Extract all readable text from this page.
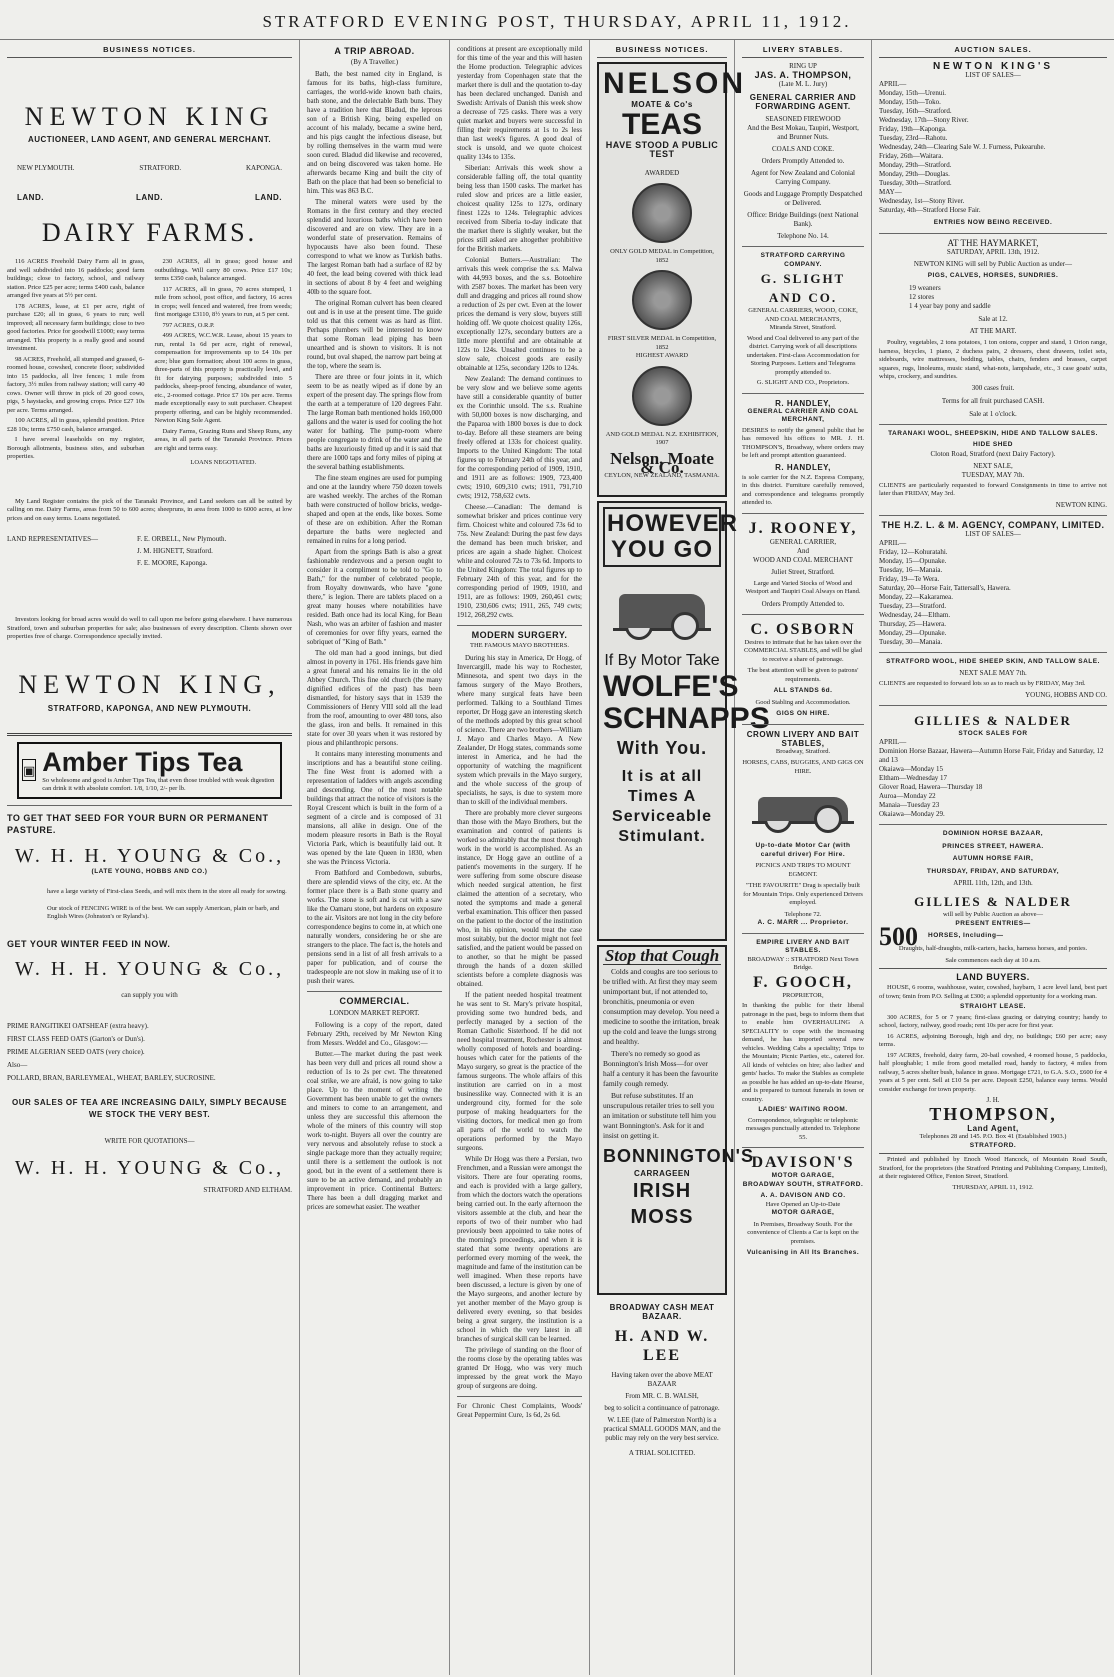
STRATFORD EVENING POST, THURSDAY, APRIL 11, 1912.
BUSINESS NOTICES.
NEWTON KING
AUCTIONEER, LAND AGENT, AND GENERAL MERCHANT.
NEW PLYMOUTH.	STRATFORD.	KAPONGA.
LAND.	LAND.	LAND.
DAIRY FARMS.

116 ACRES Freehold Dairy Farm all in grass, and well subdivided into 16 paddocks; good farm buildings; close to factory, school, and railway station. Price £25 per acre; terms £400 cash, balance arranged five years at 5½ per cent.

178 ACRES, lease, at £1 per acre, right of purchase £20; all in grass, 6 years to run; well improved; all necessary farm buildings; close to two good factories. Price for goodwill £1000; easy terms arranged. This property is a really good and sound investment.

98 ACRES, Freehold, all stumped and grassed, 6-roomed house, cowshed, concrete floor; subdivided into 15 paddocks, all live fences; 1 mile from factory, 3½ miles from railway station; will carry 40 cows. Owner will throw in pick of 20 good cows, pigs, 5 haystacks, and growing crops. Price £27 10s per acre. Terms arranged.

100 ACRES, all in grass, splendid position. Price £28 10s; terms £750 cash, balance arranged.

I have several leaseholds on my register, Borough allotments, business sites, and suburban properties.

230 ACRES, all in grass; good house and outbuildings. Will carry 80 cows. Price £17 10s; terms £350 cash, balance arranged.

117 ACRES, all in grass, 70 acres stumped, 1 mile from school, post office, and factory, 16 acres in crops; well fenced and watered, free from weeds; first mortgage £3110, 8½ years to run, at 5 per cent.

797 ACRES, O.R.P.

499 ACRES, W.C.W.R. Lease, about 15 years to run, rental 1s 6d per acre, right of renewal, compensation for improvements up to £4 10s per acre; blue gum formation; about 100 acres in grass, three-parts of this property is practically level, and fit for dairying purposes; subdivided into 5 paddocks, sheep-proof fencing, abundance of water, etc., 2-roomed cottage. Price £7 10s per acre. Terms made exceptionally easy to suit purchaser. Cheapest property offering, and can be highly recommended. Newton King Sole Agent.

Dairy Farms, Grazing Runs and Sheep Runs, any areas, in all parts of the Taranaki Province. Prices are right and terms easy.

LOANS NEGOTIATED.

My Land Register contains the pick of the Taranaki Province, and Land seekers can all be suited by calling on me. Dairy Farms, areas from 50 to 600 acres; sheepruns, in area from 1000 to 6000 acres, at low prices and on easy terms. Loans negotiated.

LAND REPRESENTATIVES—	F. E. ORBELL, New Plymouth.
J. M. HIGNETT, Stratford.
F. E. MOORE, Kaponga.

Investors looking for broad acres would do well to call upon me before going elsewhere. I have numerous Stratford, town and suburban properties for sale; also businesses of every description. Clients shown over properties free of charge. Correspondence specially invited.

NEWTON KING,
STRATFORD, KAPONGA, AND NEW PLYMOUTH.
▣ Amber Tips Tea
So wholesome and good is Amber Tips Tea, that even those troubled with weak digestion can drink it with absolute comfort. 1/8, 1/10, 2/- per lb.
TO GET THAT SEED FOR YOUR BURN OR PERMANENT PASTURE.
W. H. H. YOUNG & Co.,
(LATE YOUNG, HOBBS AND CO.)

have a large variety of First-class Seeds, and will mix them in the store all ready for sowing.

Our stock of FENCING WIRE is of the best. We can supply American, plain or barb, and English Wires (Johnston's or Ryland's).

GET YOUR WINTER FEED IN NOW.
W. H. H. YOUNG & Co.,
can supply you with
PRIME RANGITIKEI OATSHEAF (extra heavy).
FIRST CLASS FEED OATS (Garton's or Dun's).
PRIME ALGERIAN SEED OATS (very choice).
Also—
POLLARD, BRAN, BARLEYMEAL, WHEAT, BARLEY, SUCROSINE.
OUR SALES OF TEA ARE INCREASING DAILY, SIMPLY BECAUSE WE STOCK THE VERY BEST.
WRITE FOR QUOTATIONS—
W. H. H. YOUNG & Co.,
STRATFORD AND ELTHAM.
A TRIP ABROAD.
(By A Traveller.)

Bath, the best named city in England, is famous for its baths, high-class furniture, carriages, the world-wide known bath chairs, bath stone, and the delectable Bath buns. They have a tradition here that Bladud, the leprous son of a British King, being expelled on account of his malady, became a swine herd, and his pigs caught the infectious disease, but by rolling themselves in the warm mud were soon cured. Bladud did likewise and recovered, and on being discovered was taken home. He afterwards became King and built the city of Bath on the place that had been so beneficial to him. This was 863 B.C.

The mineral waters were used by the Romans in the first century and they erected splendid and luxurious baths which have been discovered and are on view. They are in a wonderful state of preservation. Remains of hypocausts have also been found. These correspond to what we know as Turkish baths. The largest Roman bath had a surface of 82 by 40 feet, the lead being covered with thick lead in sections of about 8 by 4 feet and weighing 40lb to the square foot.

The original Roman culvert has been cleared out and is in use at the present time. The guide told us that this cement was as hard as flint. Perhaps plumbers will be interested to know that some Roman lead piping has been unearthed and is shown to visitors. It is not round, but oval shaped, the narrow part being at the top, where the seam is.

There are three or four joints in it, which seem to be as neatly wiped as if done by an expert of the present day. The springs flow from the earth at a temperature of 120 degrees Fahr. The large Roman bath mentioned holds 160,000 gallons and the water is used for cooling the hot water for bathing. The pump-room where people congregate to drink of the water and the baths are luxuriously fitted up and it is said that there are 1000 taps and forty miles of piping at the several bathing establishments.

The fine steam engines are used for pumping and one at the laundry where 750 dozen towels are washed weekly. The arches of the Roman bath were constructed of hollow bricks, wedge-shaped and open at the ends, like boxes. Some of these are on exhibition. After the Roman departure the baths were neglected and remained in ruins for a long period.

Apart from the springs Bath is also a great fashionable rendezvous and a person ought to consider it a compliment to be told to "Go to Bath," for the number of celebrated people, from Royalty downwards, who have "gone there," is legion. There are tablets placed on a great many houses where notabilities have resided. Bath once had its local King, for Beau Nash, who was an arbiter of fashion and master of ceremonies for over fifty years, earned the sobriquet of "King of Bath."

The old man had a good innings, but died almost in poverty in 1761. His friends gave him a great funeral and his remains lie in the old Abbey Church. This fine old church (the many dignified edifices of the past) has been dismantled, for history says that in 1539 the Commissioners of Henry VIII sold all the lead from the roof, amounting to over 480 tons, also the glass, iron and bells. It remained in this state for over 30 years when it was restored by pious and philanthropic persons.

It contains many interesting monuments and inscriptions and has a beautiful stone ceiling. The fine West front is adorned with a representation of ladders with angels ascending and descending. One of the most notable buildings that attract the notice of visitors is the Royal Crescent which is built in the form of a segment of a circle and is composed of 31 mansions, all alike in design. One of the modern pleasure resorts in Bath is the Royal Victoria Park, which is beautifully laid out. It was opened by the late Queen in 1830, when she was the Princess Victoria.

From Bathford and Combedown, suburbs, there are splendid views of the city, etc. At the former place there is a Bath stone quarry and works. The stone is soft and is cut with a saw like the Oamaru stone, but hardens on exposure to the air. Visitors are not long in the city before correspondence begins to come in, at which one naturally wonders, considering he or she are strangers to the place. The fact is, the hotels and pensions send in a list of all fresh arrivals to a paper for publication, and of course the tradespeople are not slow in making use of it to push their wares.

COMMERCIAL.
LONDON MARKET REPORT.

Following is a copy of the report, dated February 29th, received by Mr Newton King from Messrs. Weddel and Co., Glasgow:—

Butter.—The market during the past week has been very dull and prices all round show a reduction of 1s to 2s per cwt. The threatened coal strike, we are afraid, is now going to take place. Up to the moment of writing the Government has been unable to get the owners and miners to come to an arrangement, and unless they are successful this afternoon the whole of the miners of this country will stop work to-night. Buyers all over the country are very nervous and absolutely refuse to stock a single package more than they actually require; until there is a settlement the outlook is not good, but in the event of a settlement there is sure to be an active demand, and probably an improvement in price. Continental Butters: There has been a dull dragging market and prices are somewhat easier. The weather

conditions at present are exceptionally mild for this time of the year and this will hasten the Home production. Telegraphic advices yesterday from Copenhagen state that the market there is dull and the quotation to-day has been declared unchanged. Danish and Swedish: Arrivals of Danish this week show a decrease of 725 casks. There was a very quiet market and buyers were successful in filling their requirements at 1s to 2s less than last week's figures. A good deal of stock is unsold, and we quote choicest quality 134s to 135s.

Siberian: Arrivals this week show a considerable falling off, the total quantity being less than 1500 casks. The market has ruled slow and prices are a little easier, choicest quality 125s to 127s, ordinary finest 122s to 124s. Telegraphic advices received from Siberia to-day indicate that the market there is slightly weaker, but the prices still asked are altogether prohibitive for the British markets.

Colonial Butters.—Australian: The arrivals this week comprise the s.s. Malwa with 44,993 boxes, and the s.s. Botoehire with 2587 boxes. The market has been very dull and dragging and prices all round show a reduction of 2s per cwt. Even at the lower prices the demand is very slow, buyers still holding off. We quote choicest quality 126s, exceptionally 127s, secondary butters are a little more plentiful and are obtainable at 122s to 124s. Unsalted continues to be a slow sale, choicest goods are easily obtainable at 125s, secondary 120s to 124s.

New Zealand: The demand continues to be very slow and we believe some agents have still a considerable quantity of butter ex the Corinthic unsold. The s.s. Ruahine with 50,000 boxes is now discharging, and the Paparoa with 1800 boxes is due to dock to-day. Before all these steamers are being freely offered at 133s for choicest quality. Imports to the United Kingdom: The total figures up to February 24th of this year, and for the corresponding period of 1909, 1910, and 1911 are as follows: 1909, 723,400 cwts; 1910, 609,310 cwts; 1911, 791,710 cwts; 1912, 758,632 cwts.

Cheese.—Canadian: The demand is somewhat brisker and prices continue very firm. Choicest white and coloured 73s 6d to 75s. New Zealand: During the past few days the demand has been much brisker, and prices are again a shade higher. Choicest white and coloured 72s to 73s 6d. Imports to the United Kingdom: The total figures up to February 24th of this year, and for the corresponding period of 1909, 1910, and 1911, are as follows: 1909, 260,461 cwts; 1910, 230,606 cwts; 1911, 265, 749 cwts; 1912, 268,292 cwts.

MODERN SURGERY.
THE FAMOUS MAYO BROTHERS.

During his stay in America, Dr Hogg, of Invercargill, made his way to Rochester, Minnesota, and spent two days in the famous surgery of the Mayo Brothers, where many surgical feats have been performed. Talking to a Southland Times reporter, Dr Hogg gave an interesting sketch of the methods adopted by this great school of science. There are two brothers—William J. Mayo and Charles Mayo. A New Zealander, Dr Hogg states, commands some interest in America, and he had the opportunity of watching the magnificent system which prevails in the Mayo surgery, and the whole success of the group of specialists, he says, is due to system more than to skill of the individual members.

There are probably more clever surgeons than those with the Mayo Brothers, but the examination and control of patients is worked so admirably that the most thorough work in the world is accomplished. As an instance, Dr Hogg gave an outline of a patient's movements in the surgery. If he were suffering from some obscure disease which needed surgical attention, he first claimed the attention of a secretary, who noted the symptoms and made a general verbal examination. This officer then passed on the patient to the doctor of the institution who, in his opinion, would treat the case most suitably, but the doctor might not feel satisfied, and the patient would be passed on to another, so that he might be passed through the hands of a dozen skilled scientists before a complete diagnosis was obtained.

If the patient needed hospital treatment he was sent to St. Mary's private hospital, providing some two hundred beds, and perfectly managed by a section of the Roman Catholic Sisterhood. If he did not need hospital treatment, Rochester is almost wholly composed of hotels and boarding-houses which cater for the patients of the Mayo surgery, so great is the practice of the famous surgeons. The whole affairs of this institution are carried on in a most businesslike way. Connected with it is an underground city, formed for the sole purpose of making headquarters for the visiting doctors, for medical men go from all parts of the world to watch the operations performed by the Mayo surgeons.

While Dr Hogg was there a Persian, two Frenchmen, and a Russian were amongst the visitors. There are four operating rooms, and each is provided with a large gallery, from which the doctors watch the operations being carried out. In the early afternoon the visitors assemble at the club, and hear the reports of two of their number who had previously been appointed to take notes of the morning's proceedings, and when it is stated that some twenty operations are performed every morning of the week, the magnitude and fame of the institution can be well imagined. When these reports have been discussed, a lecture is given by one of the Mayo surgeons, and another lecture by yet another member of the Mayo group is delivered every evening, so that besides being a great surgery, the institution is a school in which the very latest in all branches of surgical skill can be learned.

The privilege of standing on the floor of the rooms close by the operating tables was granted Dr Hogg, who was very much impressed by the great work the Mayo group of surgeons are doing.

For Chronic Chest Complaints, Woods' Great Peppermint Cure, 1s 6d, 2s 6d.

BUSINESS NOTICES.
NELSON
MOATE & Co's
TEAS
HAVE STOOD A PUBLIC TEST
AWARDED
ONLY GOLD MEDAL in Competition, 1852
FIRST SILVER MEDAL in Competition, 1852
HIGHEST AWARD
AND GOLD MEDAL N.Z. EXHIBITION, 1907
Nelson, Moate & Co.
CEYLON, NEW ZEALAND, TASMANIA.
HOWEVER YOU GO
If By Motor Take
WOLFE'S
SCHNAPPS
With You.
It is at all Times A Serviceable Stimulant.
Stop that Cough

Colds and coughs are too serious to be trifled with. At first they may seem unimportant but, if not attended to, bronchitis, pneumonia or even consumption may develop. You need a medicine to soothe the irritation, break up the cold and leave the lungs strong and healthy.

There's no remedy so good as Bonnington's Irish Moss—for over half a century it has been the favourite family cough remedy.

But refuse substitutes. If an unscrupulous retailer tries to sell you an imitation or substitute tell him you want Bonnington's. Ask for it and insist on getting it.

BONNINGTON'S
CARRAGEEN
IRISH MOSS
BROADWAY CASH MEAT BAZAAR.
H. AND W. LEE
Having taken over the above MEAT BAZAAR
From MR. C. B. WALSH,
beg to solicit a continuance of patronage.
W. LEE (late of Palmerston North) is a practical SMALL GOODS MAN, and the public may rely on the very best service.
A TRIAL SOLICITED.
LIVERY STABLES.
RING UP
JAS. A. THOMPSON,
(Late M. L. Jury)
GENERAL CARRIER AND FORWARDING AGENT.
SEASONED FIREWOOD
And the Best Mokau, Taupiri, Westport, and Brunner Nuts.
COALS AND COKE.
Orders Promptly Attended to.
Agent for New Zealand and Colonial Carrying Company.
Goods and Luggage Promptly Despatched or Delivered.
Office: Bridge Buildings (next National Bank).
Telephone No. 14.
STRATFORD CARRYING COMPANY.
G. SLIGHT AND CO.
GENERAL CARRIERS, WOOD, COKE, AND COAL MERCHANTS,
Miranda Street, Stratford.

Wood and Coal delivered to any part of the district. Carrying work of all descriptions undertaken. First-class Accommodation for Storing Purposes. Letters and Telegrams promptly attended to.

G. SLIGHT AND CO., Proprietors.
R. HANDLEY,
GENERAL CARRIER AND COAL MERCHANT,

DESIRES to notify the general public that he has removed his offices to MR. J. H. THOMPSON'S, Broadway, where orders may be left and prompt attention guaranteed.

R. HANDLEY,

is sole carrier for the N.Z. Express Company, in this district. Furniture carefully removed, and correspondence and telegrams promptly attended to.

J. ROONEY,
GENERAL CARRIER,
And
WOOD AND COAL MERCHANT
Juliet Street, Stratford.
Large and Varied Stocks of Wood and Westport and Taupiri Coal Always on Hand.
Orders Promptly Attended to.
C. OSBORN
Desires to intimate that he has taken over the COMMERCIAL STABLES, and will be glad to receive a share of patronage.
The best attention will be given to patrons' requirements.
ALL STANDS 6d.
Good Stabling and Accommodation.
GIGS ON HIRE.
CROWN LIVERY AND BAIT STABLES,
Broadway, Stratford.
HORSES, CABS, BUGGIES, AND GIGS ON HIRE.
Up-to-date Motor Car (with careful driver) For Hire.
PICNICS AND TRIPS TO MOUNT EGMONT.
"THE FAVOURITE" Drag is specially built for Mountain Trips. Only experienced Drivers employed.
Telephone 72.
A. C. MARR ... Proprietor.
EMPIRE LIVERY AND BAIT STABLES.
BROADWAY :: STRATFORD Next Town Bridge.
F. GOOCH,
PROPRIETOR,

In thanking the public for their liberal patronage in the past, begs to inform them that to enable him OVERHAULING A SPECIALITY to cope with the increasing demand, he has imported several new vehicles. Wedding Cabs a speciality; Trips to the Mountain; Picnic Parties, etc., catered for. All kinds of vehicles on hire; also ladies' and gents' hacks. To make the Stables as complete as possible he has added an up-to-date Hearse, and is prepared to turnout funerals in town or country.

LADIES' WAITING ROOM.

Correspondence, telegraphic or telephonic messages punctually attended to. Telephone 55.

DAVISON'S
MOTOR GARAGE,
BROADWAY SOUTH, STRATFORD.
A. A. DAVISON AND CO.
Have Opened an Up-to-Date
MOTOR GARAGE,
In Premises, Broadway South. For the convenience of Clients a Car is kept on the premises.
Vulcanising in All Its Branches.
AUCTION SALES.
NEWTON KING'S
LIST OF SALES—
APRIL—
Monday, 15th—Urenui.
Monday, 15th—Toko.
Tuesday, 16th—Stratford.
Wednesday, 17th—Stony River.
Friday, 19th—Kaponga.
Tuesday, 23rd—Rahotu.
Wednesday, 24th—Clearing Sale W. J. Furness, Pukearuhe.
Friday, 26th—Waitara.
Monday, 29th—Stratford.
Monday, 29th—Douglas.
Tuesday, 30th—Stratford.
MAY—
Wednesday, 1st—Stony River.
Saturday, 4th—Stratford Horse Fair.
ENTRIES NOW BEING RECEIVED.
AT THE HAYMARKET,
SATURDAY, APRIL 13th, 1912.
NEWTON KING will sell by Public Auction as under—
PIGS, CALVES, HORSES, SUNDRIES.
19 weaners
12 stores
1 4 year bay pony and saddle
Sale at 12.
AT THE MART.

Poultry, vegetables, 2 tons potatoes, 1 ton onions, copper and stand, 1 Orion range, harness, bicycles, 1 piano, 2 duchess pairs, 2 dressers, chest drawers, toilet sets, sideboards, wire mattresses, bedding, tables, chairs, fenders and brasses, carpet squares, rugs, linoleums, music stand, what-nots, lampshade, etc., 3 case goats' suits, whips, crockery, and sundries.

300 cases fruit.
Terms for all fruit purchased CASH.
Sale at 1 o'clock.
TARANAKI WOOL, SHEEPSKIN, HIDE AND TALLOW SALES.
HIDE SHED
Cloton Road, Stratford (next Dairy Factory).
NEXT SALE,
TUESDAY, MAY 7th.

CLIENTS are particularly requested to forward Consignments in time to arrive not later than FRIDAY, May 3rd.

NEWTON KING.
THE H.Z. L. & M. AGENCY, COMPANY, LIMITED.
LIST OF SALES—
APRIL—
Friday, 12—Kohuratahi.
Monday, 15—Opunake.
Tuesday, 16—Manaia.
Friday, 19—Te Wera.
Saturday, 20—Horse Fair, Tattersall's, Hawera.
Monday, 22—Kakaramea.
Tuesday, 23—Stratford.
Wednesday, 24—Eltham.
Thursday, 25—Hawera.
Monday, 29—Opunake.
Tuesday, 30—Manaia.
STRATFORD WOOL, HIDE SHEEP SKIN, AND TALLOW SALE.
NEXT SALE MAY 7th.

CLIENTS are requested to forward lots so as to reach us by FRIDAY, May 3rd.

YOUNG, HOBBS AND CO.
GILLIES & NALDER
STOCK SALES FOR
APRIL—
Dominion Horse Bazaar, Hawera—Autumn Horse Fair, Friday and Saturday, 12 and 13
Okaiawa—Monday 15
Eltham—Wednesday 17
Glover Road, Hawera—Thursday 18
Auroa—Monday 22
Manaia—Tuesday 23
Okaiawa—Monday 29.
DOMINION HORSE BAZAAR,
PRINCES STREET, HAWERA.
AUTUMN HORSE FAIR,
THURSDAY, FRIDAY, AND SATURDAY,
APRIL 11th, 12th, and 13th.
GILLIES & NALDER
will sell by Public Auction as above—
PRESENT ENTRIES—
500 HORSES, Including—
Draughts, half-draughts, milk-carters, hacks, harness horses, and ponies.
Sale commences each day at 10 a.m.
LAND BUYERS.

HOUSE, 6 rooms, washhouse, water, cowshed, haybarn, 1 acre level land, best part of town; 6min from P.O. Selling at £300; a splendid opportunity for a working man.

STRAIGHT LEASE.

300 ACRES, for 5 or 7 years; first-class grazing or dairying country; handy to school, factory, railway, good roads; rent 10s per acre for first year.

16 ACRES, adjoining Borough, high and dry, no buildings; £60 per acre; easy terms.

197 ACRES, freehold, dairy farm, 20-bail cowshed, 4 roomed house, 5 paddocks, half ploughable; 1 mile from good metalled road, handy to factory, 4 miles from railway, 5 acres shelter bush, balance in grass. Mortgage £721, to G.A. S.O., £600 for 4 years at 5 per cent. Sell at £10 5s per acre. Deposit £250, balance easy terms. Would consider exchange for town property.

J. H.
THOMPSON,
Land Agent,
Telephones 28 and 145. P.O. Box 41 (Established 1903.)
STRATFORD.

Printed and published by Enoch Wood Hancock, of Mountain Road South, Stratford, for the proprietors (the Stratford Printing and Publishing Company, Limited), at their registered Office, Fenton Street, Stratford.

THURSDAY, APRIL 11, 1912.
